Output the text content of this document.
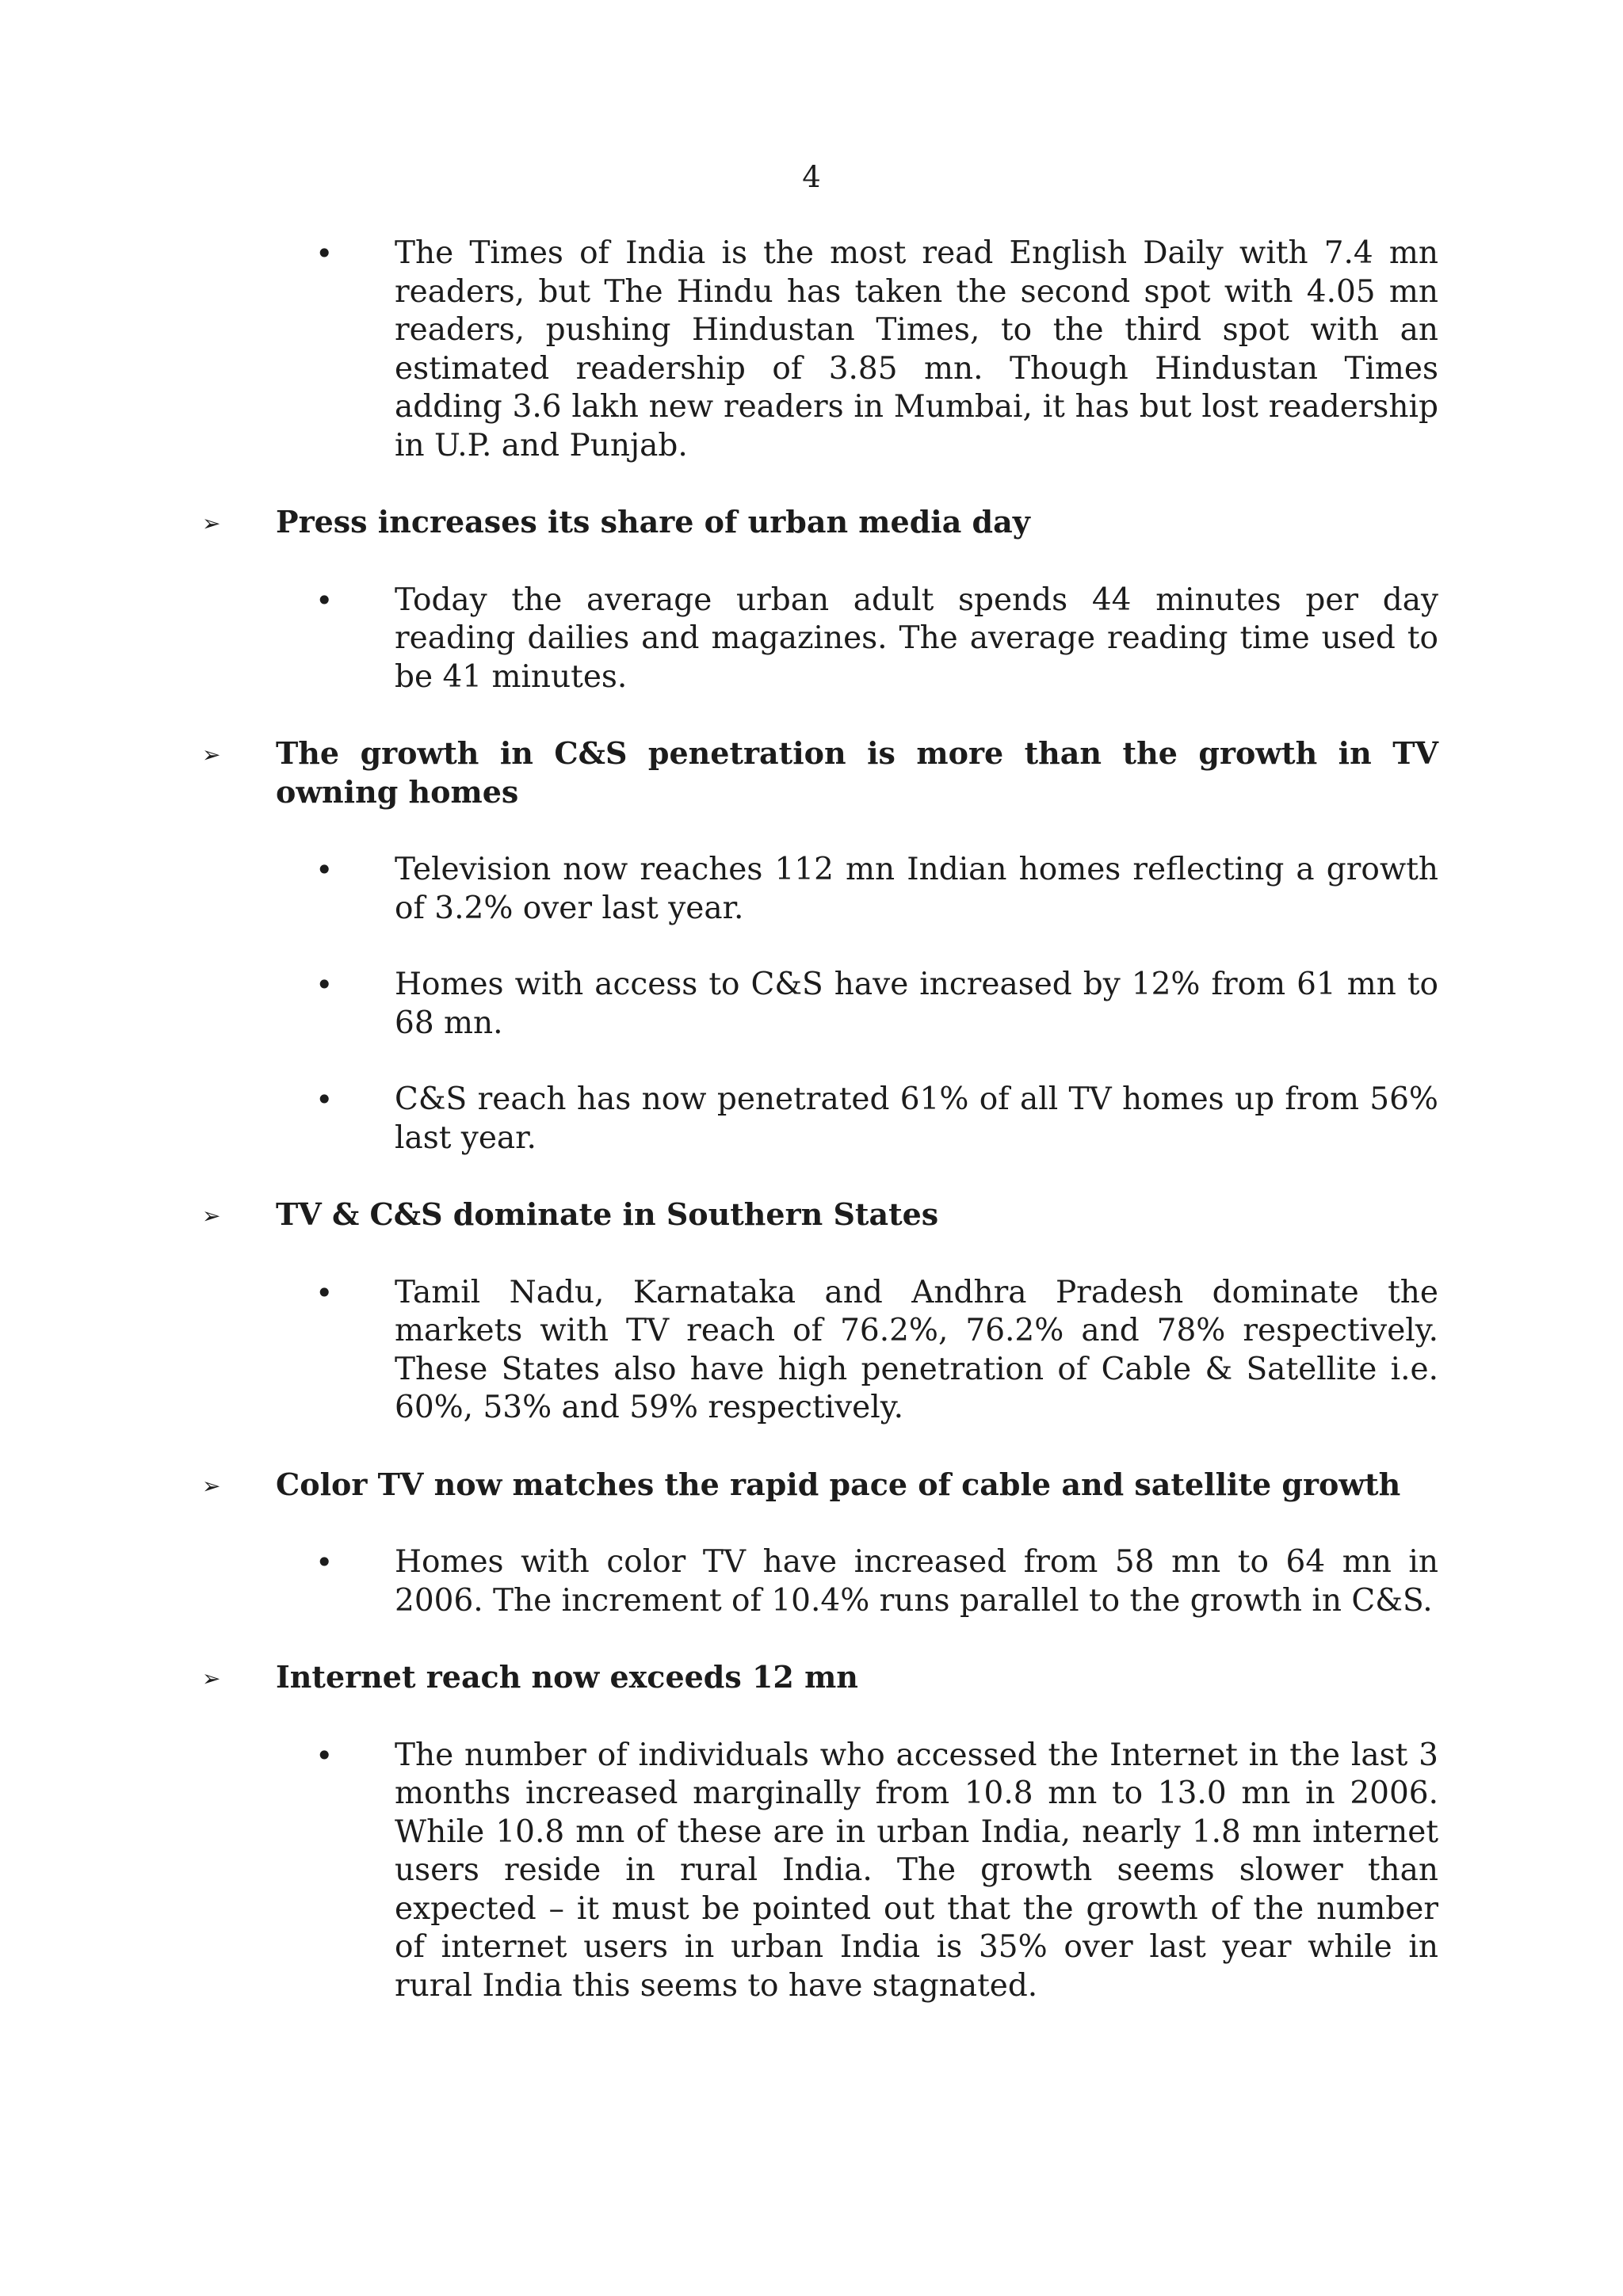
4
• The Times of India is the most read English Daily with 7.4 mn readers, but The Hindu has taken the second spot with 4.05 mn readers, pushing Hindustan Times, to the third spot with an estimated readership of 3.85 mn. Though Hindustan Times adding 3.6 lakh new readers in Mumbai, it has but lost readership in U.P. and Punjab.
➢ Press increases its share of urban media day
• Today the average urban adult spends 44 minutes per day reading dailies and magazines. The average reading time used to be 41 minutes.
➢ The growth in C&S penetration is more than the growth in TV owning homes
• Television now reaches 112 mn Indian homes reflecting a growth of 3.2% over last year.
• Homes with access to C&S have increased by 12% from 61 mn to 68 mn.
• C&S reach has now penetrated 61% of all TV homes up from 56% last year.
➢ TV & C&S dominate in Southern States
• Tamil Nadu, Karnataka and Andhra Pradesh dominate the markets with TV reach of 76.2%, 76.2% and 78% respectively. These States also have high penetration of Cable & Satellite i.e. 60%, 53% and 59% respectively.
➢ Color TV now matches the rapid pace of cable and satellite growth
• Homes with color TV have increased from 58 mn to 64 mn in 2006. The increment of 10.4% runs parallel to the growth in C&S.
➢ Internet reach now exceeds 12 mn
• The number of individuals who accessed the Internet in the last 3 months increased marginally from 10.8 mn to 13.0 mn in 2006. While 10.8 mn of these are in urban India, nearly 1.8 mn internet users reside in rural India. The growth seems slower than expected – it must be pointed out that the growth of the number of internet users in urban India is 35% over last year while in rural India this seems to have stagnated.
